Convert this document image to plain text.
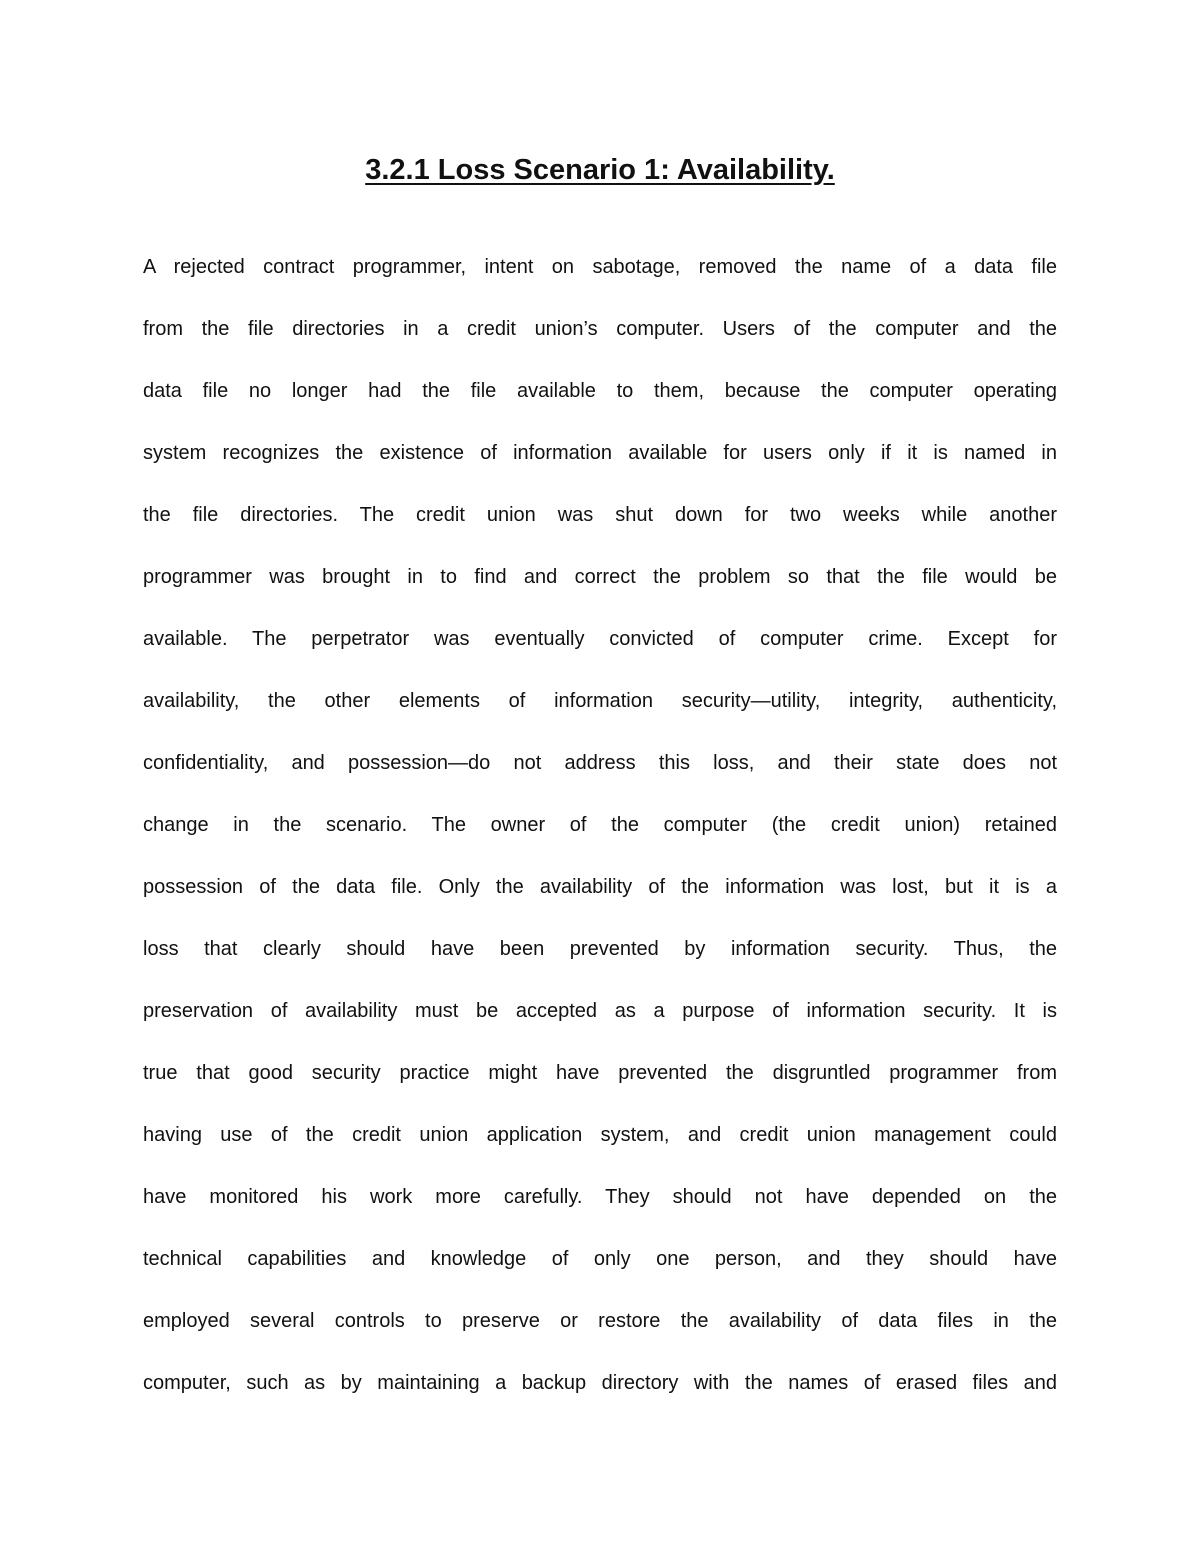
3.2.1 Loss Scenario 1: Availability.
A rejected contract programmer, intent on sabotage, removed the name of a data file
from the file directories in a credit union’s computer. Users of the computer and the
data file no longer had the file available to them, because the computer operating
system recognizes the existence of information available for users only if it is named in
the file directories. The credit union was shut down for two weeks while another
programmer was brought in to find and correct the problem so that the file would be
available. The perpetrator was eventually convicted of computer crime. Except for
availability, the other elements of information security—utility, integrity, authenticity,
confidentiality, and possession—do not address this loss, and their state does not
change in the scenario. The owner of the computer (the credit union) retained
possession of the data file. Only the availability of the information was lost, but it is a
loss that clearly should have been prevented by information security. Thus, the
preservation of availability must be accepted as a purpose of information security. It is
true that good security practice might have prevented the disgruntled programmer from
having use of the credit union application system, and credit union management could
have monitored his work more carefully. They should not have depended on the
technical capabilities and knowledge of only one person, and they should have
employed several controls to preserve or restore the availability of data files in the
computer, such as by maintaining a backup directory with the names of erased files and
